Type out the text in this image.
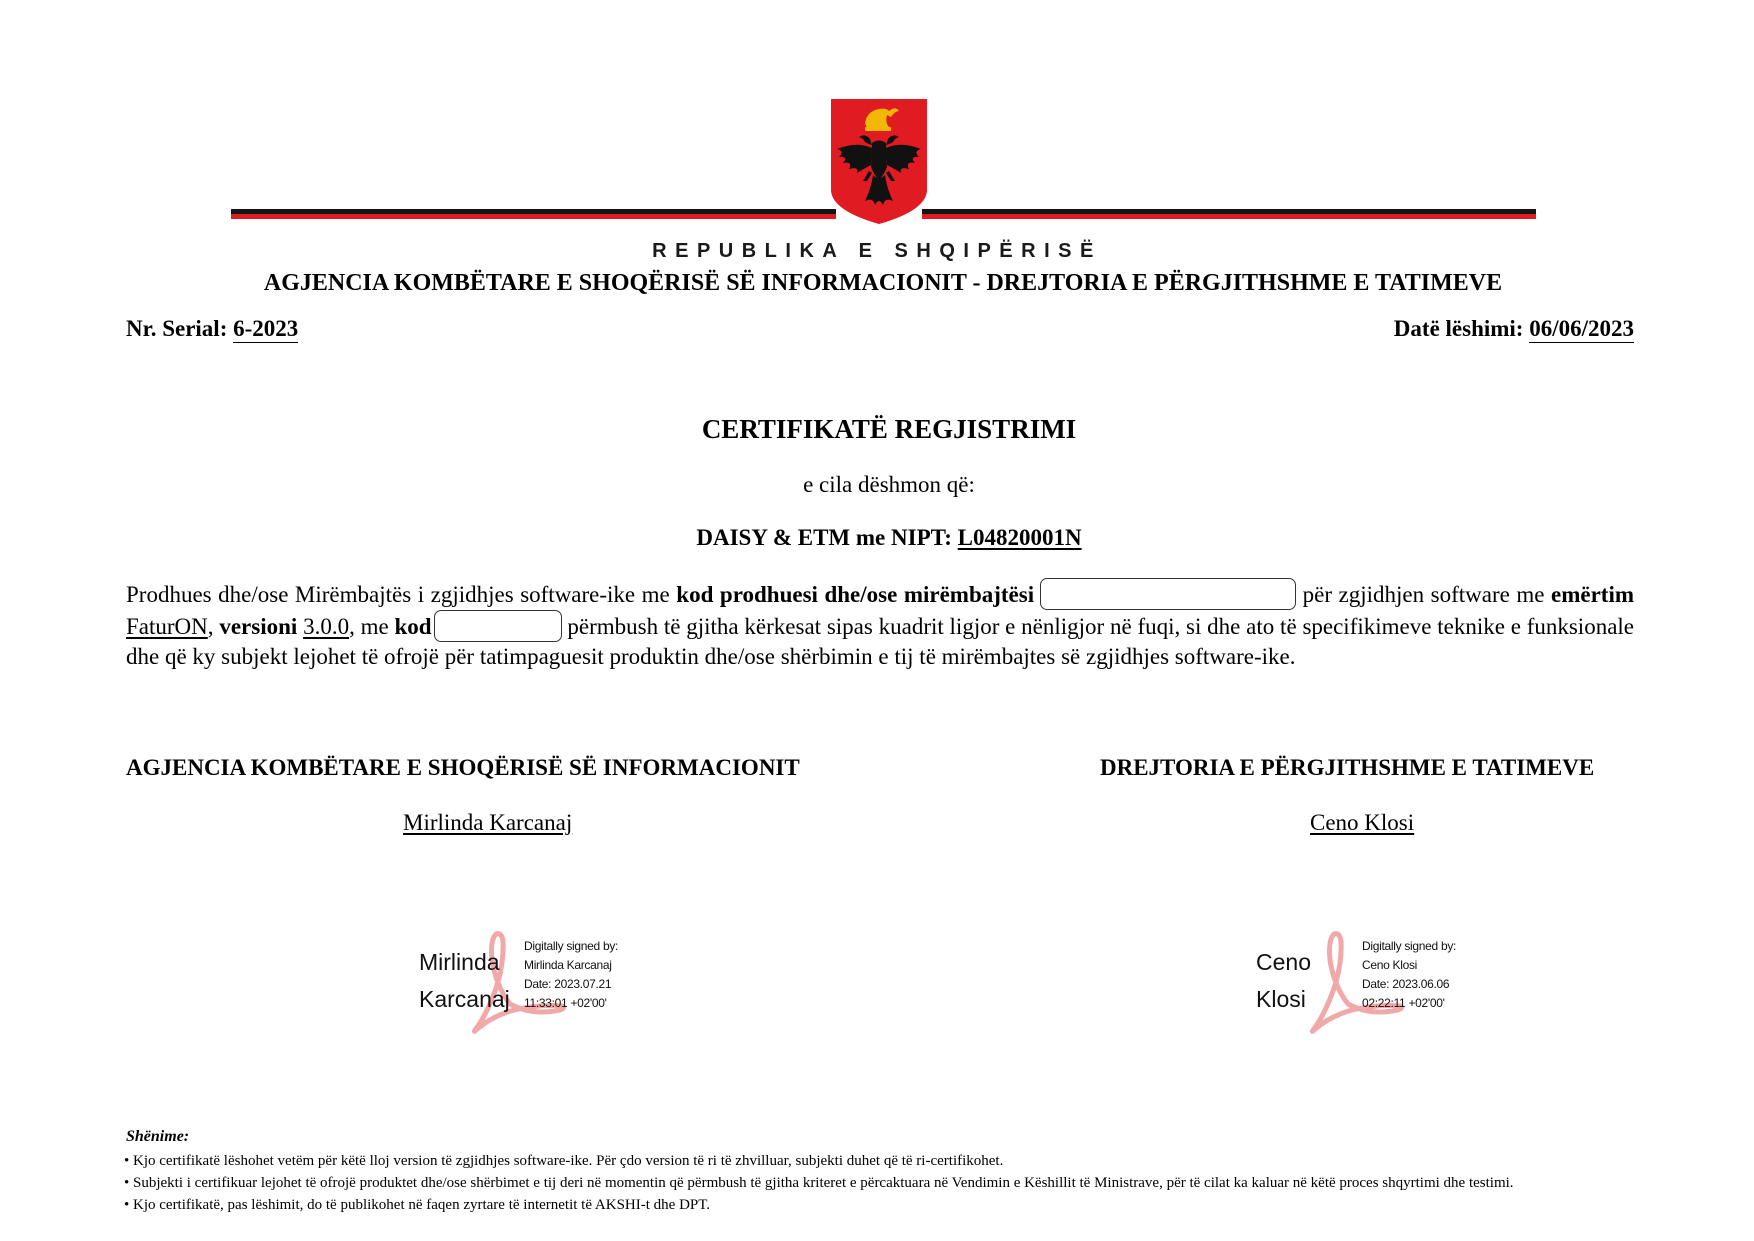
REPUBLIKA E SHQIPËRISË
AGJENCIA KOMBËTARE E SHOQËRISË SË INFORMACIONIT - DREJTORIA E PËRGJITHSHME E TATIMEVE
Nr. Serial: 6-2023	Datë lëshimi: 06/06/2023
CERTIFIKATË REGJISTRIMI
e cila dëshmon që:
DAISY & ETM me NIPT: L04820001N
Prodhues dhe/ose Mirëmbajtës i zgjidhjes software-ike me kod prodhuesi dhe/ose mirëmbajtësi	për zgjidhjen software me emërtim FaturON, versioni 3.0.0, me kod	përmbush të gjitha kërkesat sipas kuadrit ligjor e nënligjor në fuqi, si dhe ato të specifikimeve teknike e funksionale dhe që ky subjekt lejohet të ofrojë për tatimpaguesit produktin dhe/ose shërbimin e tij të mirëmbajtes së zgjidhjes software-ike.
AGJENCIA KOMBËTARE E SHOQËRISË SË INFORMACIONIT	DREJTORIA E PËRGJITHSHME E TATIMEVE
Mirlinda Karcanaj	Ceno Klosi
Mirlinda
Karcanaj
Digitally signed by:
Mirlinda Karcanaj
Date: 2023.07.21
11:33:01 +02'00'
Ceno
Klosi
Digitally signed by:
Ceno Klosi
Date: 2023.06.06
02:22:11 +02'00'
Shënime:
• Kjo certifikatë lëshohet vetëm për këtë lloj version të zgjidhjes software-ike. Për çdo version të ri të zhvilluar, subjekti duhet që të ri-certifikohet.
• Subjekti i certifikuar lejohet të ofrojë produktet dhe/ose shërbimet e tij deri në momentin që përmbush të gjitha kriteret e përcaktuara në Vendimin e Këshillit të Ministrave, për të cilat ka kaluar në këtë proces shqyrtimi dhe testimi.
• Kjo certifikatë, pas lëshimit, do të publikohet në faqen zyrtare të internetit të AKSHI-t dhe DPT.
